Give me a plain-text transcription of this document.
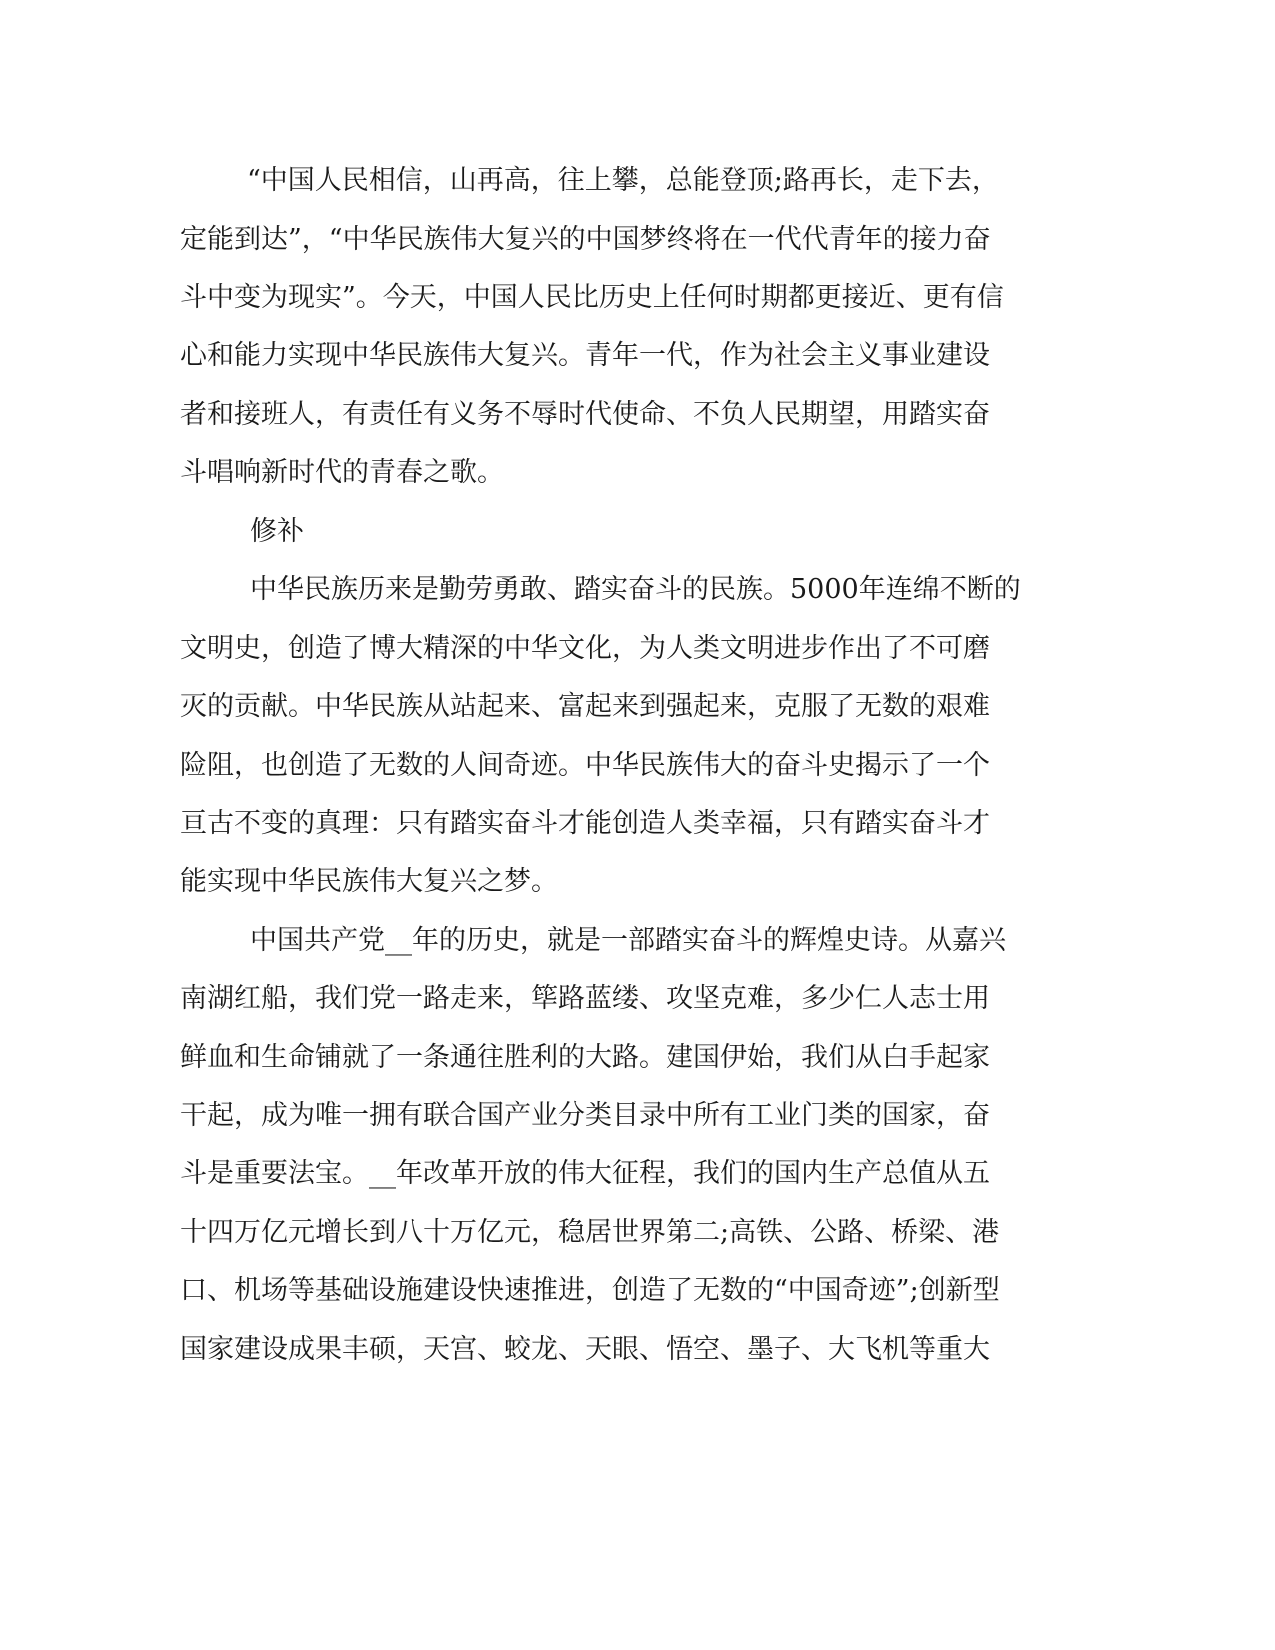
“中国人民相信，山再高，往上攀，总能登顶;路再长，走下去，

定能到达”，“中华民族伟大复兴的中国梦终将在一代代青年的接力奋

斗中变为现实”。今天，中国人民比历史上任何时期都更接近、更有信

心和能力实现中华民族伟大复兴。青年一代，作为社会主义事业建设

者和接班人，有责任有义务不辱时代使命、不负人民期望，用踏实奋

斗唱响新时代的青春之歌。

修补

中华民族历来是勤劳勇敢、踏实奋斗的民族。5000年连绵不断的

文明史，创造了博大精深的中华文化，为人类文明进步作出了不可磨

灭的贡献。中华民族从站起来、富起来到强起来，克服了无数的艰难

险阻，也创造了无数的人间奇迹。中华民族伟大的奋斗史揭示了一个

亘古不变的真理：只有踏实奋斗才能创造人类幸福，只有踏实奋斗才

能实现中华民族伟大复兴之梦。

中国共产党__年的历史，就是一部踏实奋斗的辉煌史诗。从嘉兴

南湖红船，我们党一路走来，筚路蓝缕、攻坚克难，多少仁人志士用

鲜血和生命铺就了一条通往胜利的大路。建国伊始，我们从白手起家

干起，成为唯一拥有联合国产业分类目录中所有工业门类的国家，奋

斗是重要法宝。__年改革开放的伟大征程，我们的国内生产总值从五

十四万亿元增长到八十万亿元，稳居世界第二;高铁、公路、桥梁、港

口、机场等基础设施建设快速推进，创造了无数的“中国奇迹”;创新型

国家建设成果丰硕，天宫、蛟龙、天眼、悟空、墨子、大飞机等重大
